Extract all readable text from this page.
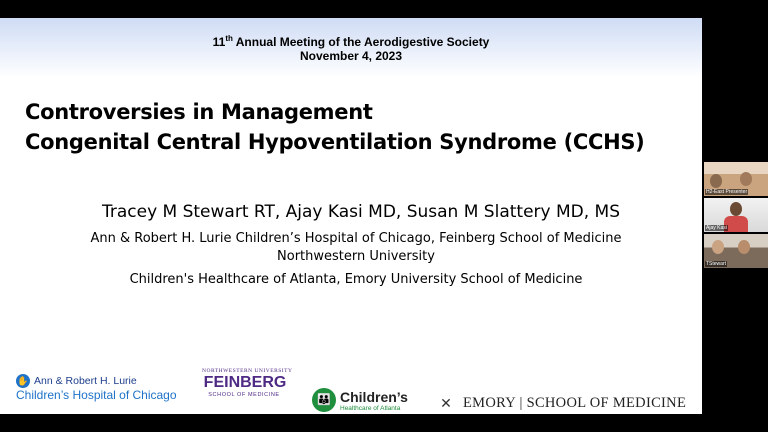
11th Annual Meeting of the Aerodigestive Society
November 4, 2023
Controversies in Management
Congenital Central Hypoventilation Syndrome (CCHS)
Tracey M Stewart RT, Ajay Kasi MD, Susan M Slattery MD, MS
Ann & Robert H. Lurie Children’s Hospital of Chicago, Feinberg School of Medicine
Northwestern University
Children's Healthcare of Atlanta, Emory University School of Medicine
✋ Ann & Robert H. Lurie
Children’s Hospital of Chicago
NORTHWESTERN UNIVERSITY
FEINBERG
SCHOOL OF MEDICINE	👪 Children’s
Healthcare of Atlanta	✕ EMORY | SCHOOL OF MEDICINE
H2-East Presenter
Ajay Kasi
TStewart
